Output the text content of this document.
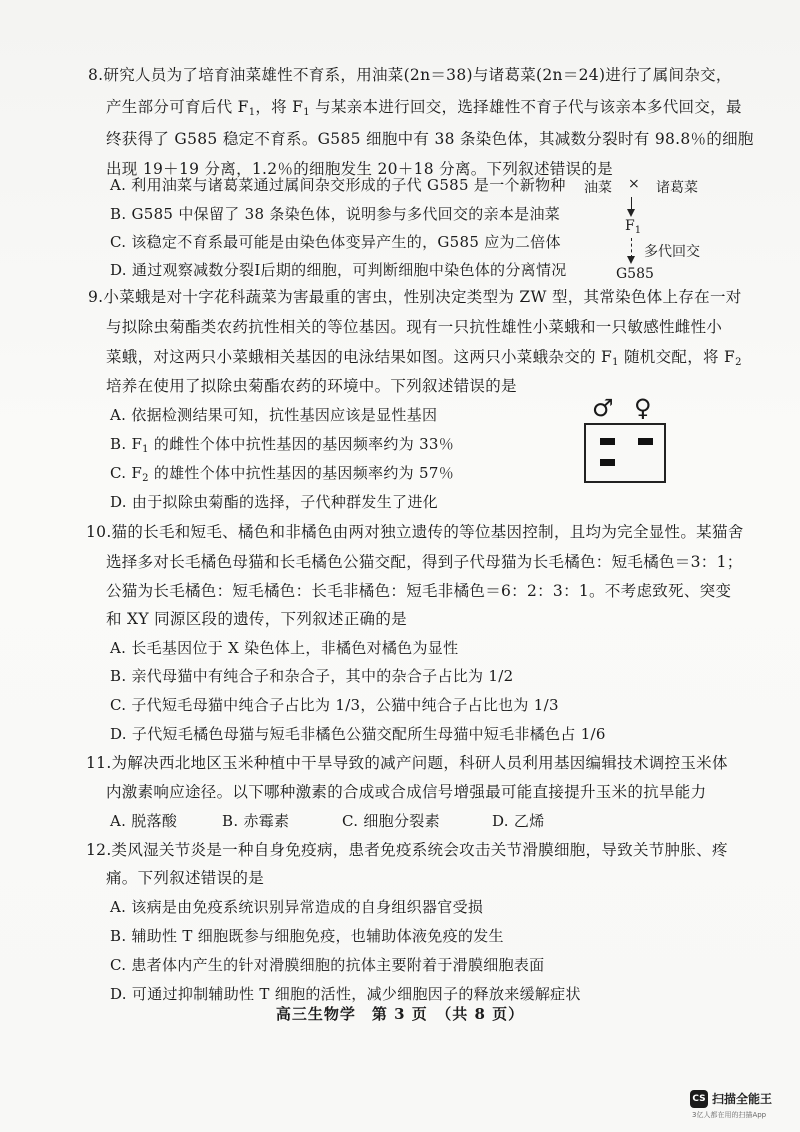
8.研究人员为了培育油菜雄性不育系，用油菜(2n＝38)与诸葛菜(2n＝24)进行了属间杂交，
产生部分可育后代 $F_1$，将 $F_1$ 与某亲本进行回交，选择雄性不育子代与该亲本多代回交，最
终获得了 G585 稳定不育系。G585 细胞中有 38 条染色体，其减数分裂时有 98.8％的细胞
出现 19＋19 分离，1.2％的细胞发生 20＋18 分离。下列叙述错误的是
A. 利用油菜与诸葛菜通过属间杂交形成的子代 G585 是一个新物种
B. G585 中保留了 38 条染色体，说明参与多代回交的亲本是油菜
C. 该稳定不育系最可能是由染色体变异产生的，G585 应为二倍体
D. 通过观察减数分裂Ⅰ后期的细胞，可判断细胞中染色体的分离情况
油菜 × 诸葛菜
$F_1$
多代回交
G585
9.小菜蛾是对十字花科蔬菜为害最重的害虫，性别决定类型为 ZW 型，其常染色体上存在一对
与拟除虫菊酯类农药抗性相关的等位基因。现有一只抗性雄性小菜蛾和一只敏感性雌性小
菜蛾，对这两只小菜蛾相关基因的电泳结果如图。这两只小菜蛾杂交的 $F_1$ 随机交配，将 $F_2$
培养在使用了拟除虫菊酯农药的环境中。下列叙述错误的是
A. 依据检测结果可知，抗性基因应该是显性基因
B. $F_1$ 的雌性个体中抗性基因的基因频率约为 33％
C. $F_2$ 的雄性个体中抗性基因的基因频率约为 57％
D. 由于拟除虫菊酯的选择，子代种群发生了进化
♂ ♀
10.猫的长毛和短毛、橘色和非橘色由两对独立遗传的等位基因控制，且均为完全显性。某猫舍
选择多对长毛橘色母猫和长毛橘色公猫交配，得到子代母猫为长毛橘色：短毛橘色＝3：1；
公猫为长毛橘色：短毛橘色：长毛非橘色：短毛非橘色＝6：2：3：1。不考虑致死、突变
和 XY 同源区段的遗传，下列叙述正确的是
A. 长毛基因位于 X 染色体上，非橘色对橘色为显性
B. 亲代母猫中有纯合子和杂合子，其中的杂合子占比为 1/2
C. 子代短毛母猫中纯合子占比为 1/3，公猫中纯合子占比也为 1/3
D. 子代短毛橘色母猫与短毛非橘色公猫交配所生母猫中短毛非橘色占 1/6
11.为解决西北地区玉米种植中干旱导致的减产问题，科研人员利用基因编辑技术调控玉米体
内激素响应途径。以下哪种激素的合成或合成信号增强最可能直接提升玉米的抗旱能力
A. 脱落酸	B. 赤霉素	C. 细胞分裂素	D. 乙烯
12.类风湿关节炎是一种自身免疫病，患者免疫系统会攻击关节滑膜细胞，导致关节肿胀、疼
痛。下列叙述错误的是
A. 该病是由免疫系统识别异常造成的自身组织器官受损
B. 辅助性 T 细胞既参与细胞免疫，也辅助体液免疫的发生
C. 患者体内产生的针对滑膜细胞的抗体主要附着于滑膜细胞表面
D. 可通过抑制辅助性 T 细胞的活性，减少细胞因子的释放来缓解症状
高三生物学　第 3 页　（共 8 页）
CS 扫描全能王
3亿人都在用的扫描App
